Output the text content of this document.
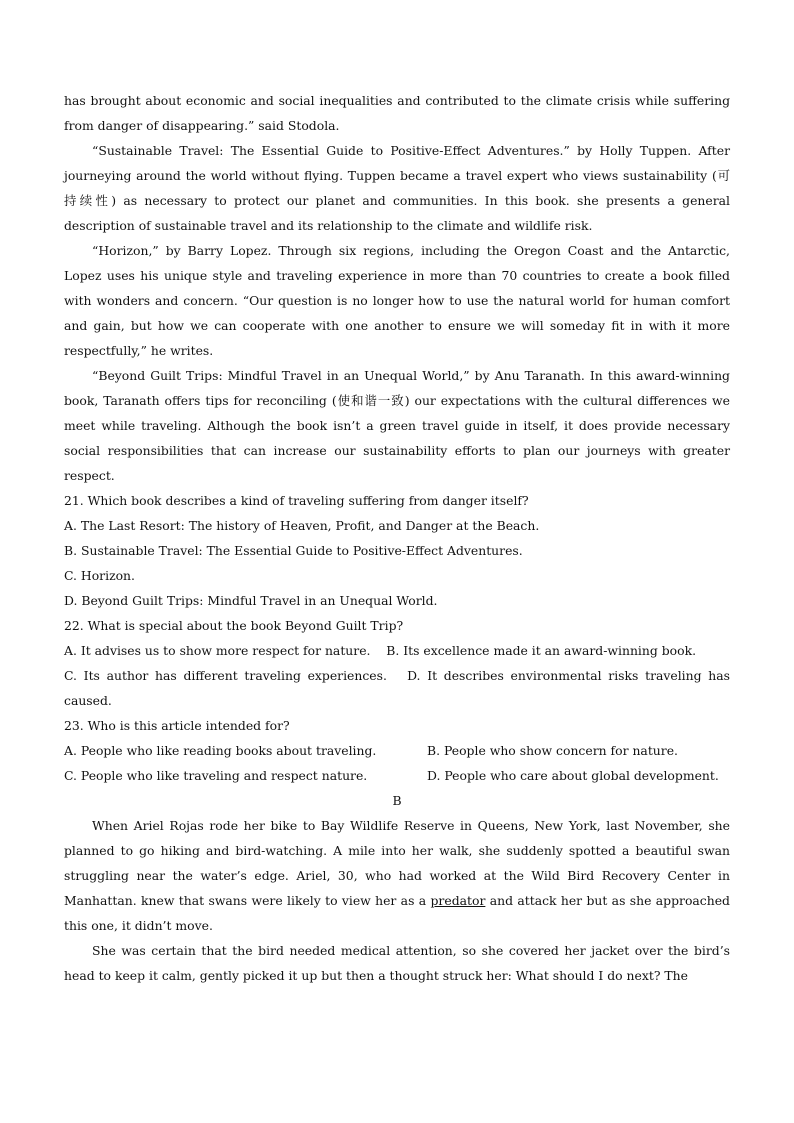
has brought about economic and social inequalities and contributed to the climate crisis while suffering from danger of disappearing.” said Stodola.

“Sustainable Travel: The Essential Guide to Positive-Effect Adventures.” by Holly Tuppen. After journeying around the world without flying. Tuppen became a travel expert who views sustainability (可持续性) as necessary to protect our planet and communities. In this book. she presents a general description of sustainable travel and its relationship to the climate and wildlife risk.

“Horizon,” by Barry Lopez. Through six regions, including the Oregon Coast and the Antarctic, Lopez uses his unique style and traveling experience in more than 70 countries to create a book filled with wonders and concern. “Our question is no longer how to use the natural world for human comfort and gain, but how we can cooperate with one another to ensure we will someday fit in with it more respectfully,” he writes.

“Beyond Guilt Trips: Mindful Travel in an Unequal World,” by Anu Taranath. In this award-winning book, Taranath offers tips for reconciling (使和谐一致) our expectations with the cultural differences we meet while traveling. Although the book isn’t a green travel guide in itself, it does provide necessary social responsibilities that can increase our sustainability efforts to plan our journeys with greater respect.

21. Which book describes a kind of traveling suffering from danger itself?

A. The Last Resort: The history of Heaven, Profit, and Danger at the Beach.

B. Sustainable Travel: The Essential Guide to Positive-Effect Adventures.

C. Horizon.

D. Beyond Guilt Trips: Mindful Travel in an Unequal World.

22. What is special about the book Beyond Guilt Trip?

A. It advises us to show more respect for nature. B. Its excellence made it an award-winning book.

C. Its author has different traveling experiences. D. It describes environmental risks traveling has caused.

23. Who is this article intended for?

A. People who like reading books about traveling.	B. People who show concern for nature.
C. People who like traveling and respect nature.	D. People who care about global development.

B

When Ariel Rojas rode her bike to Bay Wildlife Reserve in Queens, New York, last November, she planned to go hiking and bird-watching. A mile into her walk, she suddenly spotted a beautiful swan struggling near the water’s edge. Ariel, 30, who had worked at the Wild Bird Recovery Center in Manhattan. knew that swans were likely to view her as a predator and attack her but as she approached this one, it didn’t move.

She was certain that the bird needed medical attention, so she covered her jacket over the bird’s head to keep it calm, gently picked it up but then a thought struck her: What should I do next? The
